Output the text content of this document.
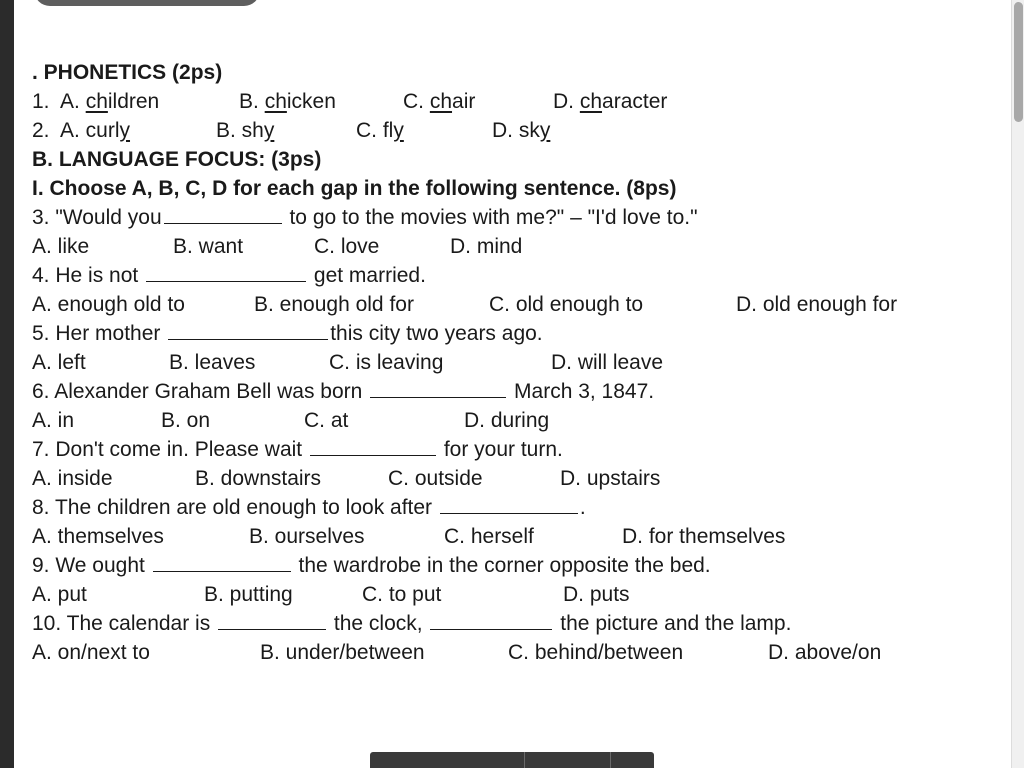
. PHONETICS (2ps)
1. A. children	B. chicken	C. chair	D. character
2. A. curly	B. shy	C. fly	D. sky
B. LANGUAGE FOCUS: (3ps)
I. Choose A, B, C, D for each gap in the following sentence. (8ps)
3. "Would you	to go to the movies with me?" – "I'd love to."
A. like	B. want	C. love	D. mind
4. He is not	get married.
A. enough old to	B. enough old for	C. old enough to	D. old enough for
5. Her mother	this city two years ago.
A. left	B. leaves	C. is leaving	D. will leave
6. Alexander Graham Bell was born	March 3, 1847.
A. in	B. on	C. at	D. during
7. Don't come in. Please wait	for your turn.
A. inside	B. downstairs	C. outside	D. upstairs
8. The children are old enough to look after	.
A. themselves	B. ourselves	C. herself	D. for themselves
9. We ought	the wardrobe in the corner opposite the bed.
A. put	B. putting	C. to put	D. puts
10. The calendar is	the clock,	the picture and the lamp.
A. on/next to	B. under/between	C. behind/between	D. above/on
